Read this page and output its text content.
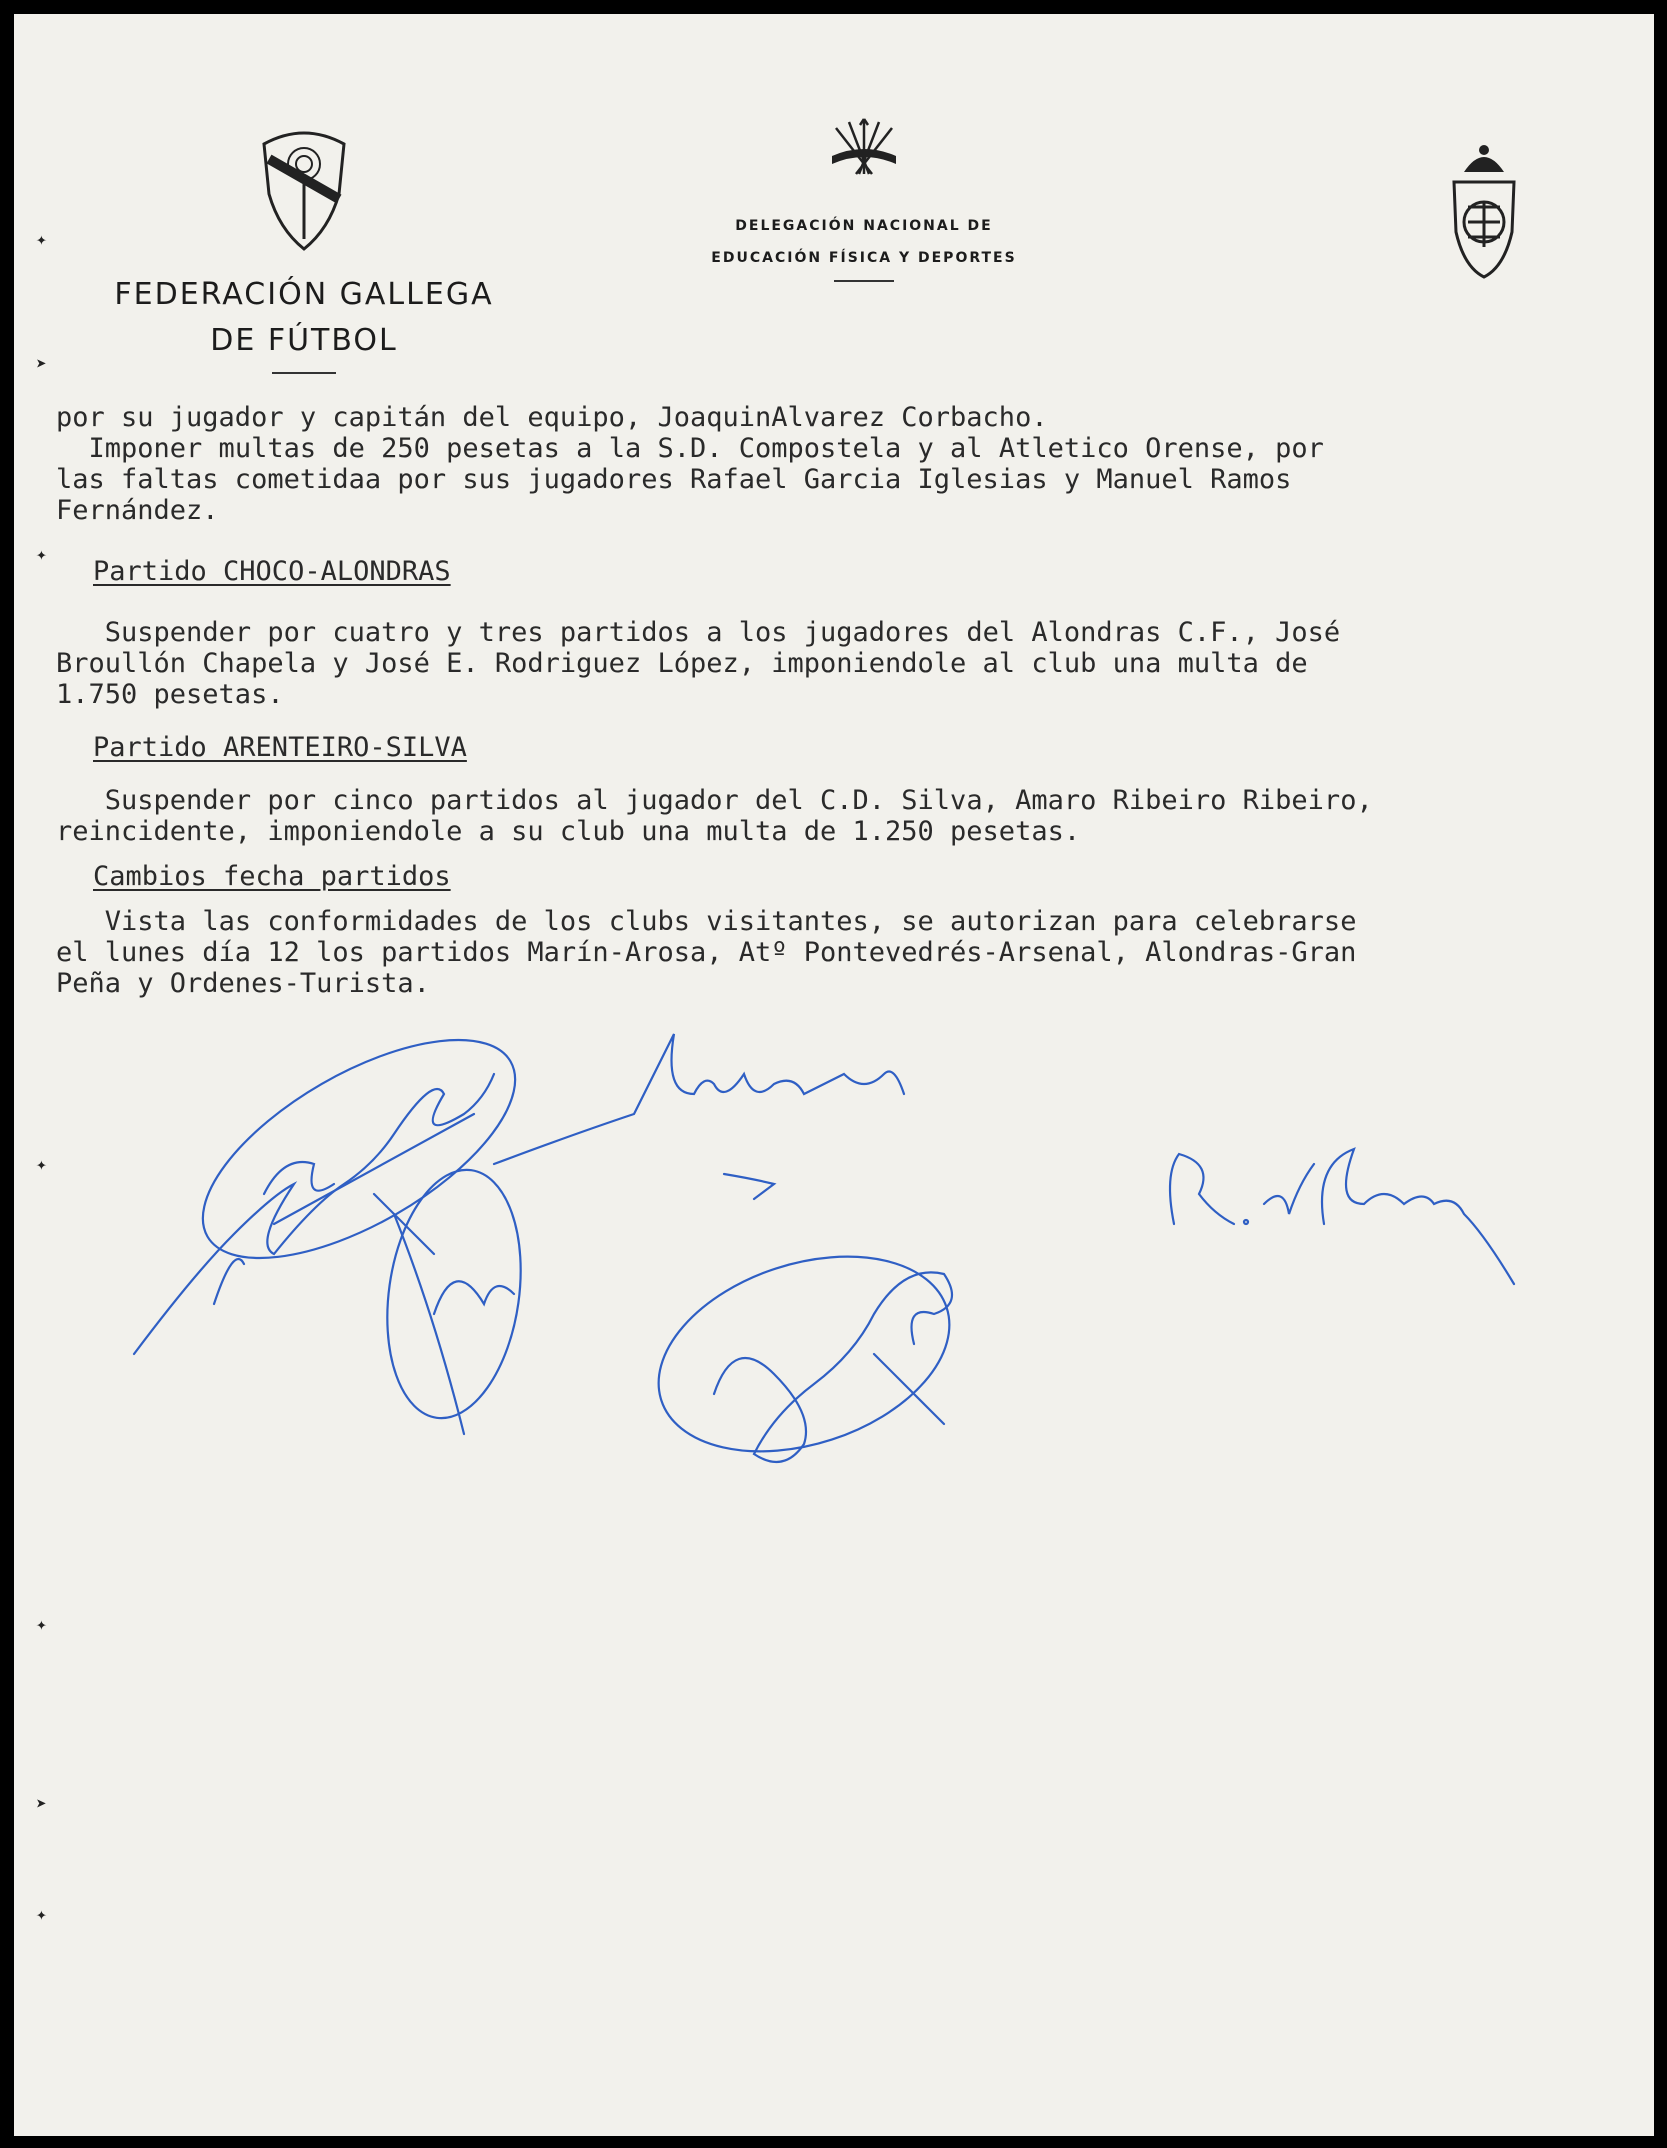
FEDERACIÓN GALLEGA
DE FÚTBOL
DELEGACIÓN NACIONAL DE
EDUCACIÓN FÍSICA Y DEPORTES
✦
➤
✦
✦
✦
➤
✦

por su jugador y capitán del equipo, JoaquinAlvarez Corbacho.

Imponer multas de 250 pesetas a la S.D. Compostela y al Atletico Orense, por

las faltas cometidaa por sus jugadores Rafael Garcia Iglesias y Manuel Ramos

Fernández.

Partido CHOCO-ALONDRAS

Suspender por cuatro y tres partidos a los jugadores del Alondras C.F., José

Broullón Chapela y José E. Rodriguez López, imponiendole al club una multa de

1.750 pesetas.

Partido ARENTEIRO-SILVA

Suspender por cinco partidos al jugador del C.D. Silva, Amaro Ribeiro Ribeiro,

reincidente, imponiendole a su club una multa de 1.250 pesetas.

Cambios fecha partidos

Vista las conformidades de los clubs visitantes, se autorizan para celebrarse

el lunes día 12 los partidos Marín-Arosa, Atº Pontevedrés-Arsenal, Alondras-Gran

Peña y Ordenes-Turista.
